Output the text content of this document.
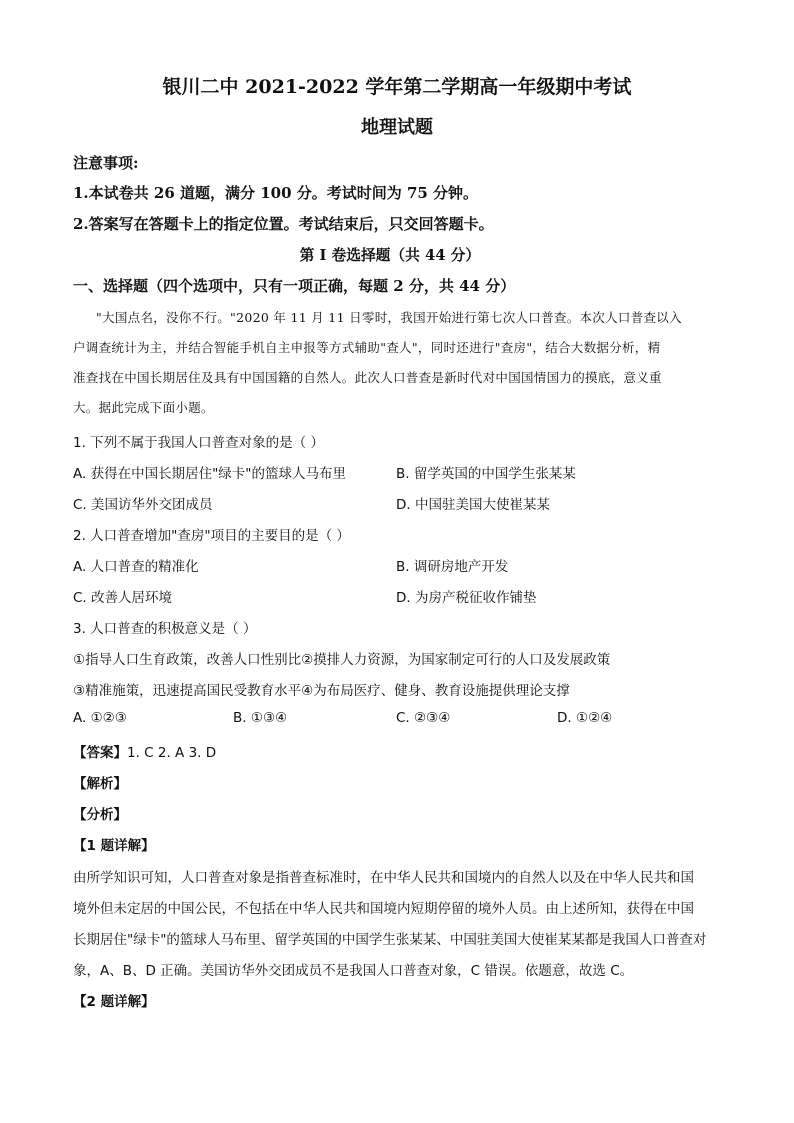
银川二中 2021-2022 学年第二学期高一年级期中考试
地理试题
注意事项:
1.本试卷共 26 道题，满分 100 分。考试时间为 75 分钟。
2.答案写在答题卡上的指定位置。考试结束后，只交回答题卡。
第 I 卷选择题（共 44 分）
一、选择题（四个选项中，只有一项正确，每题 2 分，共 44 分）
"大国点名，没你不行。"2020 年 11 月 11 日零时，我国开始进行第七次人口普查。本次人口普查以入
户调查统计为主，并结合智能手机自主申报等方式辅助"查人"，同时还进行"查房"，结合大数据分析，精
准查找在中国长期居住及具有中国国籍的自然人。此次人口普查是新时代对中国国情国力的摸底，意义重
大。据此完成下面小题。
1. 下列不属于我国人口普查对象的是（ ）
A. 获得在中国长期居住"绿卡"的篮球人马布里	B. 留学英国的中国学生张某某
C. 美国访华外交团成员	D. 中国驻美国大使崔某某
2. 人口普查增加"查房"项目的主要目的是（ ）
A. 人口普查的精准化	B. 调研房地产开发
C. 改善人居环境	D. 为房产税征收作铺垫
3. 人口普查的积极意义是（ ）
①指导人口生育政策，改善人口性别比②摸排人力资源，为国家制定可行的人口及发展政策
③精准施策，迅速提高国民受教育水平④为布局医疗、健身、教育设施提供理论支撑
A. ①②③	B. ①③④	C. ②③④	D. ①②④
【答案】1. C 2. A 3. D
【解析】
【分析】
【1 题详解】
由所学知识可知，人口普查对象是指普查标准时，在中华人民共和国境内的自然人以及在中华人民共和国
境外但未定居的中国公民，不包括在中华人民共和国境内短期停留的境外人员。由上述所知，获得在中国
长期居住"绿卡"的篮球人马布里、留学英国的中国学生张某某、中国驻美国大使崔某某都是我国人口普查对
象，A、B、D 正确。美国访华外交团成员不是我国人口普查对象，C 错误。依题意，故选 C。
【2 题详解】
